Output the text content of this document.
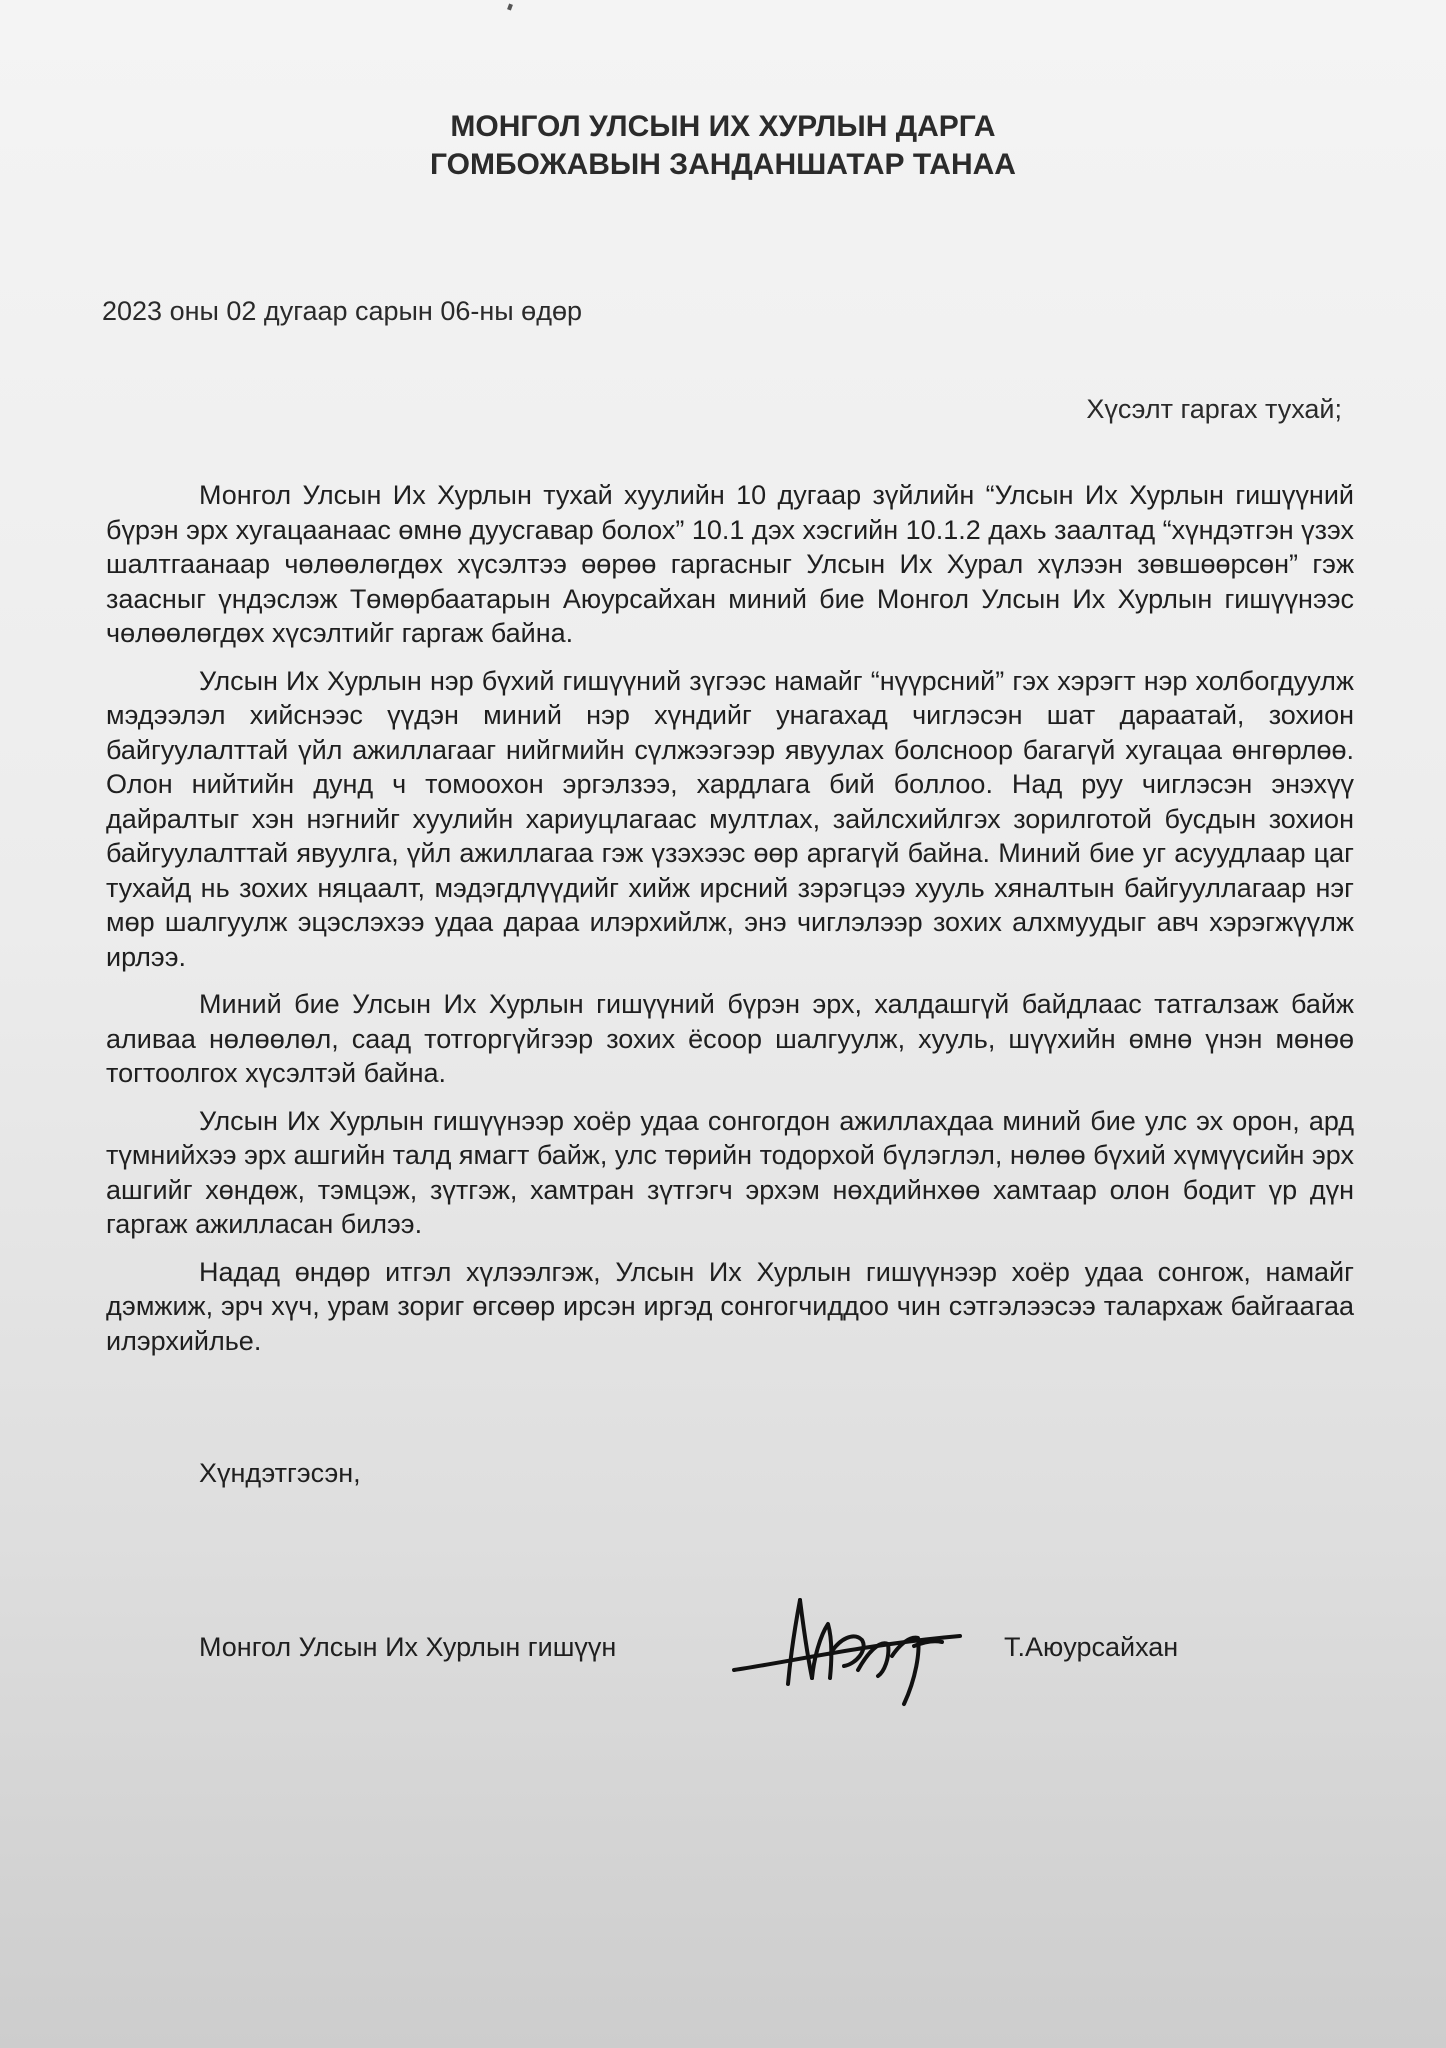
МОНГОЛ УЛСЫН ИХ ХУРЛЫН ДАРГА
ГОМБОЖАВЫН ЗАНДАНШАТАР ТАНАА
2023 оны 02 дугаар сарын 06-ны өдөр
Хүсэлт гаргах тухай;

Монгол Улсын Их Хурлын тухай хуулийн 10 дугаар зүйлийн “Улсын Их Хурлын гишүүний бүрэн эрх хугацаанаас өмнө дуусгавар болох” 10.1 дэх хэсгийн 10.1.2 дахь заалтад “хүндэтгэн үзэх шалтгаанаар чөлөөлөгдөх хүсэлтээ өөрөө гаргасныг Улсын Их Хурал хүлээн зөвшөөрсөн” гэж заасныг үндэслэж Төмөрбаатарын Аюурсайхан миний бие Монгол Улсын Их Хурлын гишүүнээс чөлөөлөгдөх хүсэлтийг гаргаж байна.

Улсын Их Хурлын нэр бүхий гишүүний зүгээс намайг “нүүрсний” гэх хэрэгт нэр холбогдуулж мэдээлэл хийснээс үүдэн миний нэр хүндийг унагахад чиглэсэн шат дараатай, зохион байгуулалттай үйл ажиллагааг нийгмийн сүлжээгээр явуулах болсноор багагүй хугацаа өнгөрлөө. Олон нийтийн дунд ч томоохон эргэлзээ, хардлага бий боллоо. Над руу чиглэсэн энэхүү дайралтыг хэн нэгнийг хуулийн хариуцлагаас мултлах, зайлсхийлгэх зорилготой бусдын зохион байгуулалттай явуулга, үйл ажиллагаа гэж үзэхээс өөр аргагүй байна. Миний бие уг асуудлаар цаг тухайд нь зохих няцаалт, мэдэгдлүүдийг хийж ирсний зэрэгцээ хууль хяналтын байгууллагаар нэг мөр шалгуулж эцэслэхээ удаа дараа илэрхийлж, энэ чиглэлээр зохих алхмуудыг авч хэрэгжүүлж ирлээ.

Миний бие Улсын Их Хурлын гишүүний бүрэн эрх, халдашгүй байдлаас татгалзаж байж аливаа нөлөөлөл, саад тотгоргүйгээр зохих ёсоор шалгуулж, хууль, шүүхийн өмнө үнэн мөнөө тогтоолгох хүсэлтэй байна.

Улсын Их Хурлын гишүүнээр хоёр удаа сонгогдон ажиллахдаа миний бие улс эх орон, ард түмнийхээ эрх ашгийн талд ямагт байж, улс төрийн тодорхой бүлэглэл, нөлөө бүхий хүмүүсийн эрх ашгийг хөндөж, тэмцэж, зүтгэж, хамтран зүтгэгч эрхэм нөхдийнхөө хамтаар олон бодит үр дүн гаргаж ажилласан билээ.

Надад өндөр итгэл хүлээлгэж, Улсын Их Хурлын гишүүнээр хоёр удаа сонгож, намайг дэмжиж, эрч хүч, урам зориг өгсөөр ирсэн иргэд сонгогчиддоо чин сэтгэлээсээ талархаж байгаагаа илэрхийлье.

Хүндэтгэсэн,
Монгол Улсын Их Хурлын гишүүн	Т.Аюурсайхан
